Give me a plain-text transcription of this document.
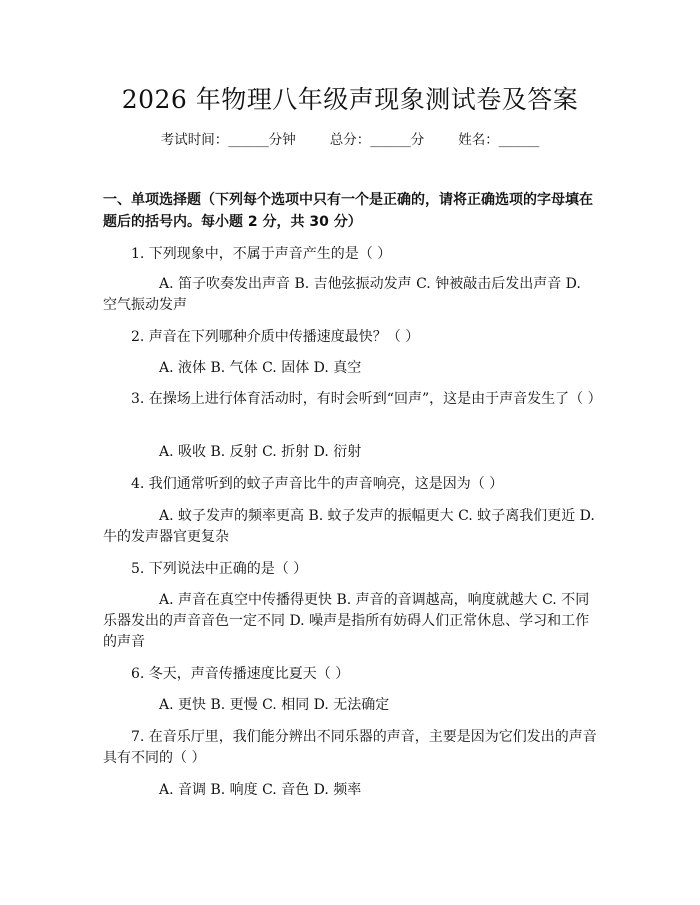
2026 年物理八年级声现象测试卷及答案
考试时间：______分钟	总分：______分	姓名：______
一、单项选择题（下列每个选项中只有一个是正确的，请将正确选项的字母填在题后的括号内。每小题 2 分，共 30 分）
1. 下列现象中，不属于声音产生的是（ ）
A. 笛子吹奏发出声音 B. 吉他弦振动发声 C. 钟被敲击后发出声音 D. 空气振动发声
2. 声音在下列哪种介质中传播速度最快？（ ）
A. 液体 B. 气体 C. 固体 D. 真空
3. 在操场上进行体育活动时，有时会听到“回声”，这是由于声音发生了（ ）
A. 吸收 B. 反射 C. 折射 D. 衍射
4. 我们通常听到的蚊子声音比牛的声音响亮，这是因为（ ）
A. 蚊子发声的频率更高 B. 蚊子发声的振幅更大 C. 蚊子离我们更近 D. 牛的发声器官更复杂
5. 下列说法中正确的是（ ）
A. 声音在真空中传播得更快 B. 声音的音调越高，响度就越大 C. 不同乐器发出的声音音色一定不同 D. 噪声是指所有妨碍人们正常休息、学习和工作的声音
6. 冬天，声音传播速度比夏天（ ）
A. 更快 B. 更慢 C. 相同 D. 无法确定
7. 在音乐厅里，我们能分辨出不同乐器的声音，主要是因为它们发出的声音具有不同的（ ）
A. 音调 B. 响度 C. 音色 D. 频率
